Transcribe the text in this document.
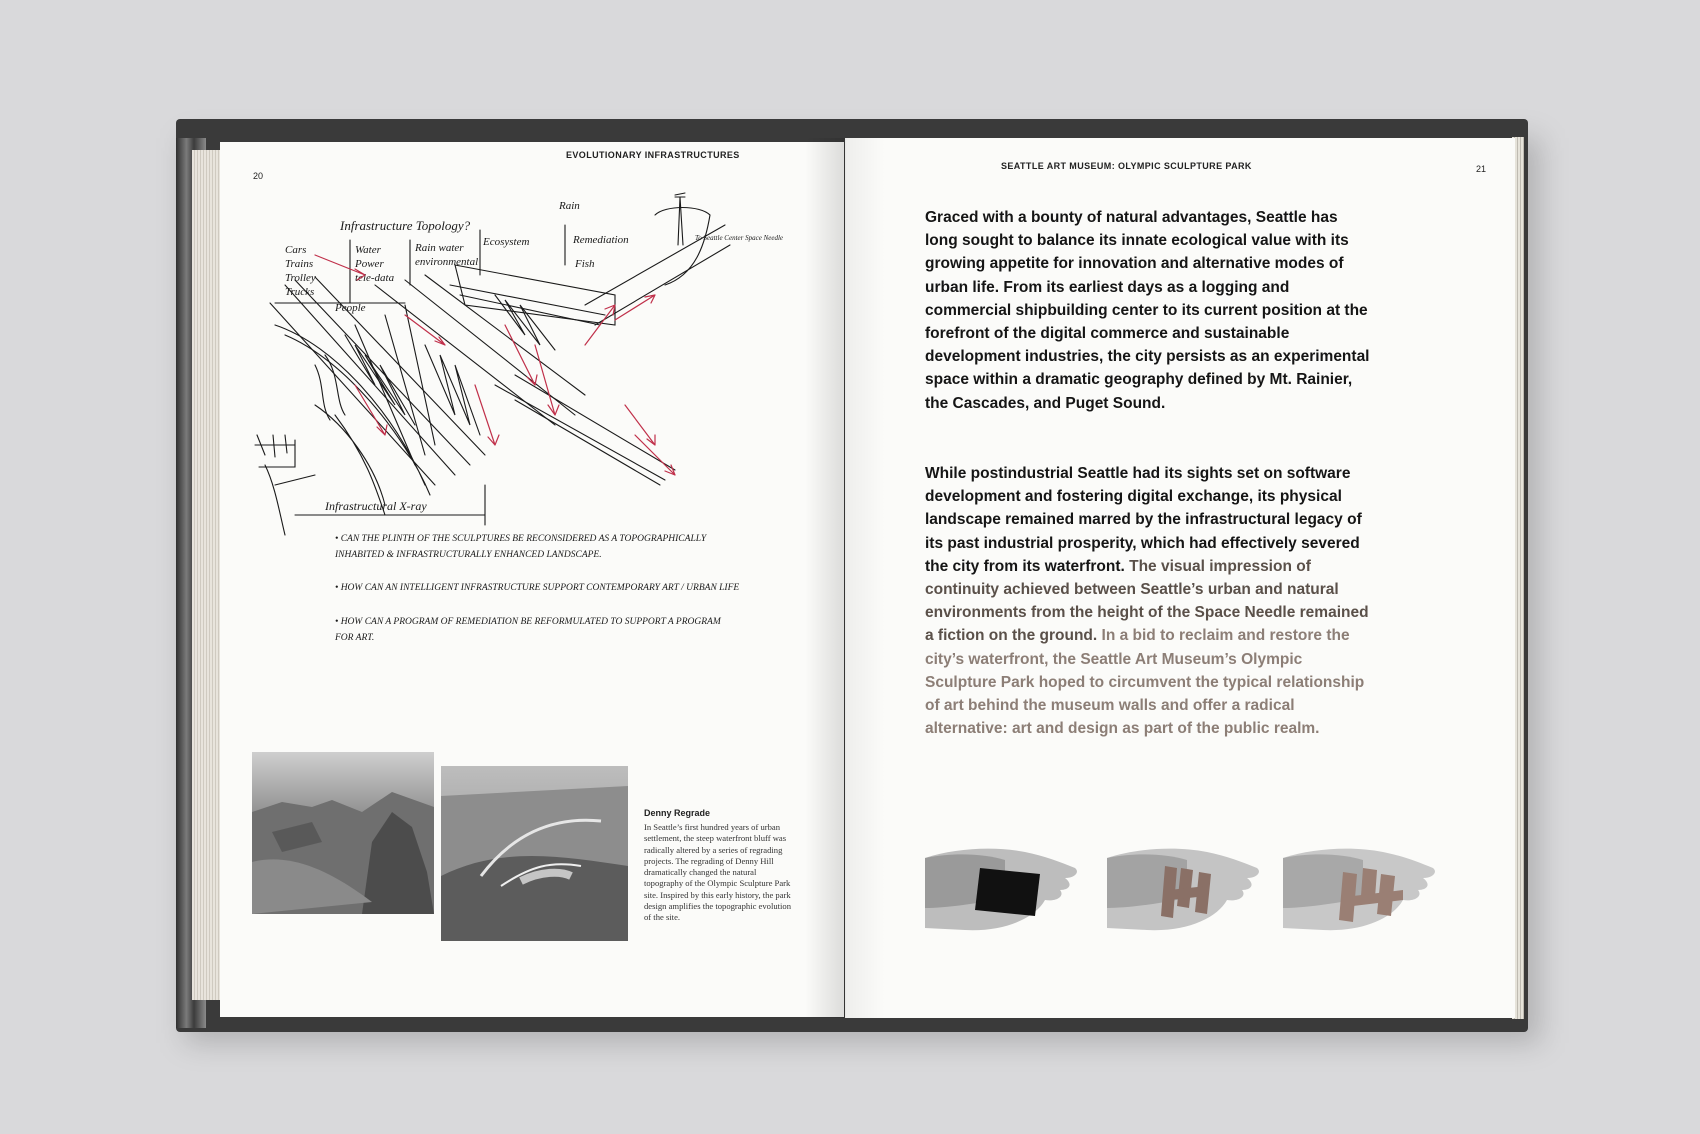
EVOLUTIONARY INFRASTRUCTURES
20
Infrastructure Topology?
Cars
Trains
Trolley
Trucks
People
Water
Power
tele-data
Rain water
environmental
Ecosystem	Remediation
Fish
Rain
Infrastructural X-ray
To Seattle Center Space Needle
• CAN THE PLINTH OF THE SCULPTURES BE RECONSIDERED AS A TOPOGRAPHICALLY INHABITED & INFRASTRUCTURALLY ENHANCED LANDSCAPE.
• HOW CAN AN INTELLIGENT INFRASTRUCTURE SUPPORT CONTEMPORARY ART / URBAN LIFE
• HOW CAN A PROGRAM OF REMEDIATION BE REFORMULATED TO SUPPORT A PROGRAM FOR ART.
Denny Regrade
In Seattle’s first hundred years of urban settlement, the steep waterfront bluff was radically altered by a series of regrading projects. The regrading of Denny Hill dramatically changed the natural topography of the Olympic Sculpture Park site. Inspired by this early history, the park design amplifies the topographic evolution of the site.
SEATTLE ART MUSEUM: OLYMPIC SCULPTURE PARK	21
Graced with a bounty of natural advantages, Seattle has long sought to balance its innate ecological value with its growing appetite for innovation and alternative modes of urban life. From its earliest days as a logging and commercial shipbuilding center to its current position at the forefront of the digital commerce and sustainable development industries, the city persists as an experimental space within a dramatic geography defined by Mt. Rainier, the Cascades, and Puget Sound.
While postindustrial Seattle had its sights set on software development and fostering digital exchange, its physical landscape remained marred by the infrastructural legacy of its past industrial prosperity, which had effectively severed the city from its waterfront. The visual impression of continuity achieved between Seattle’s urban and natural environments from the height of the Space Needle remained a fiction on the ground. In a bid to reclaim and restore the city’s waterfront, the Seattle Art Museum’s Olympic Sculpture Park hoped to circumvent the typical relationship of art behind the museum walls and offer a radical alternative: art and design as part of the public realm.
